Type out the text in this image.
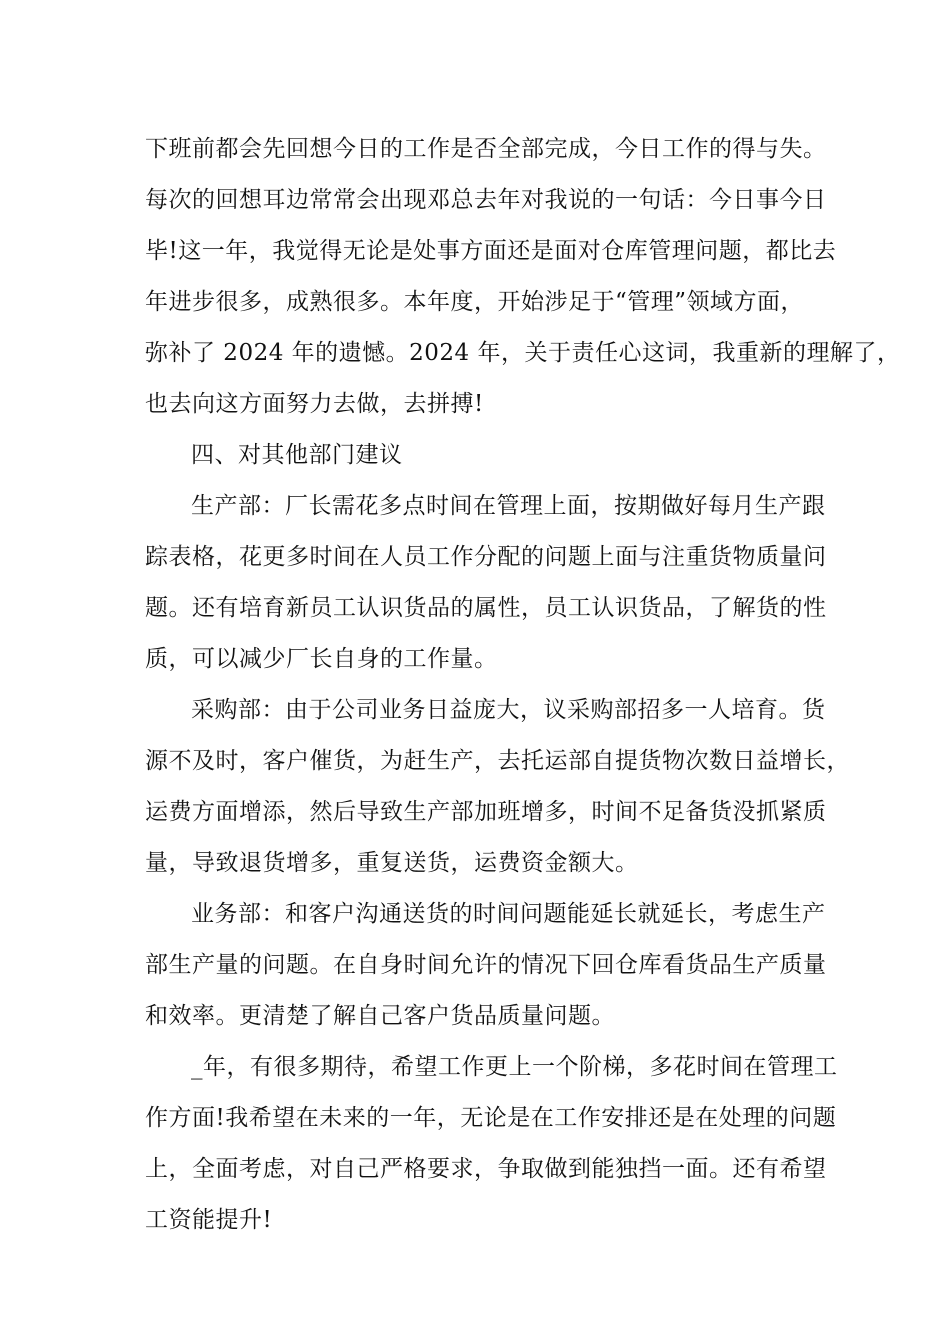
下班前都会先回想今日的工作是否全部完成，今日工作的得与失。
每次的回想耳边常常会出现邓总去年对我说的一句话：今日事今日
毕!这一年，我觉得无论是处事方面还是面对仓库管理问题，都比去
年进步很多，成熟很多。本年度，开始涉足于“管理”领域方面，
弥补了 2024 年的遗憾。2024 年，关于责任心这词，我重新的理解了，
也去向这方面努力去做，去拼搏!
四、对其他部门建议
生产部：厂长需花多点时间在管理上面，按期做好每月生产跟
踪表格，花更多时间在人员工作分配的问题上面与注重货物质量问
题。还有培育新员工认识货品的属性，员工认识货品，了解货的性
质，可以减少厂长自身的工作量。
采购部：由于公司业务日益庞大，议采购部招多一人培育。货
源不及时，客户催货，为赶生产，去托运部自提货物次数日益增长，
运费方面增添，然后导致生产部加班增多，时间不足备货没抓紧质
量，导致退货增多，重复送货，运费资金额大。
业务部：和客户沟通送货的时间问题能延长就延长，考虑生产
部生产量的问题。在自身时间允许的情况下回仓库看货品生产质量
和效率。更清楚了解自己客户货品质量问题。
_年，有很多期待，希望工作更上一个阶梯，多花时间在管理工
作方面!我希望在未来的一年，无论是在工作安排还是在处理的问题
上，全面考虑，对自己严格要求，争取做到能独挡一面。还有希望
工资能提升!
